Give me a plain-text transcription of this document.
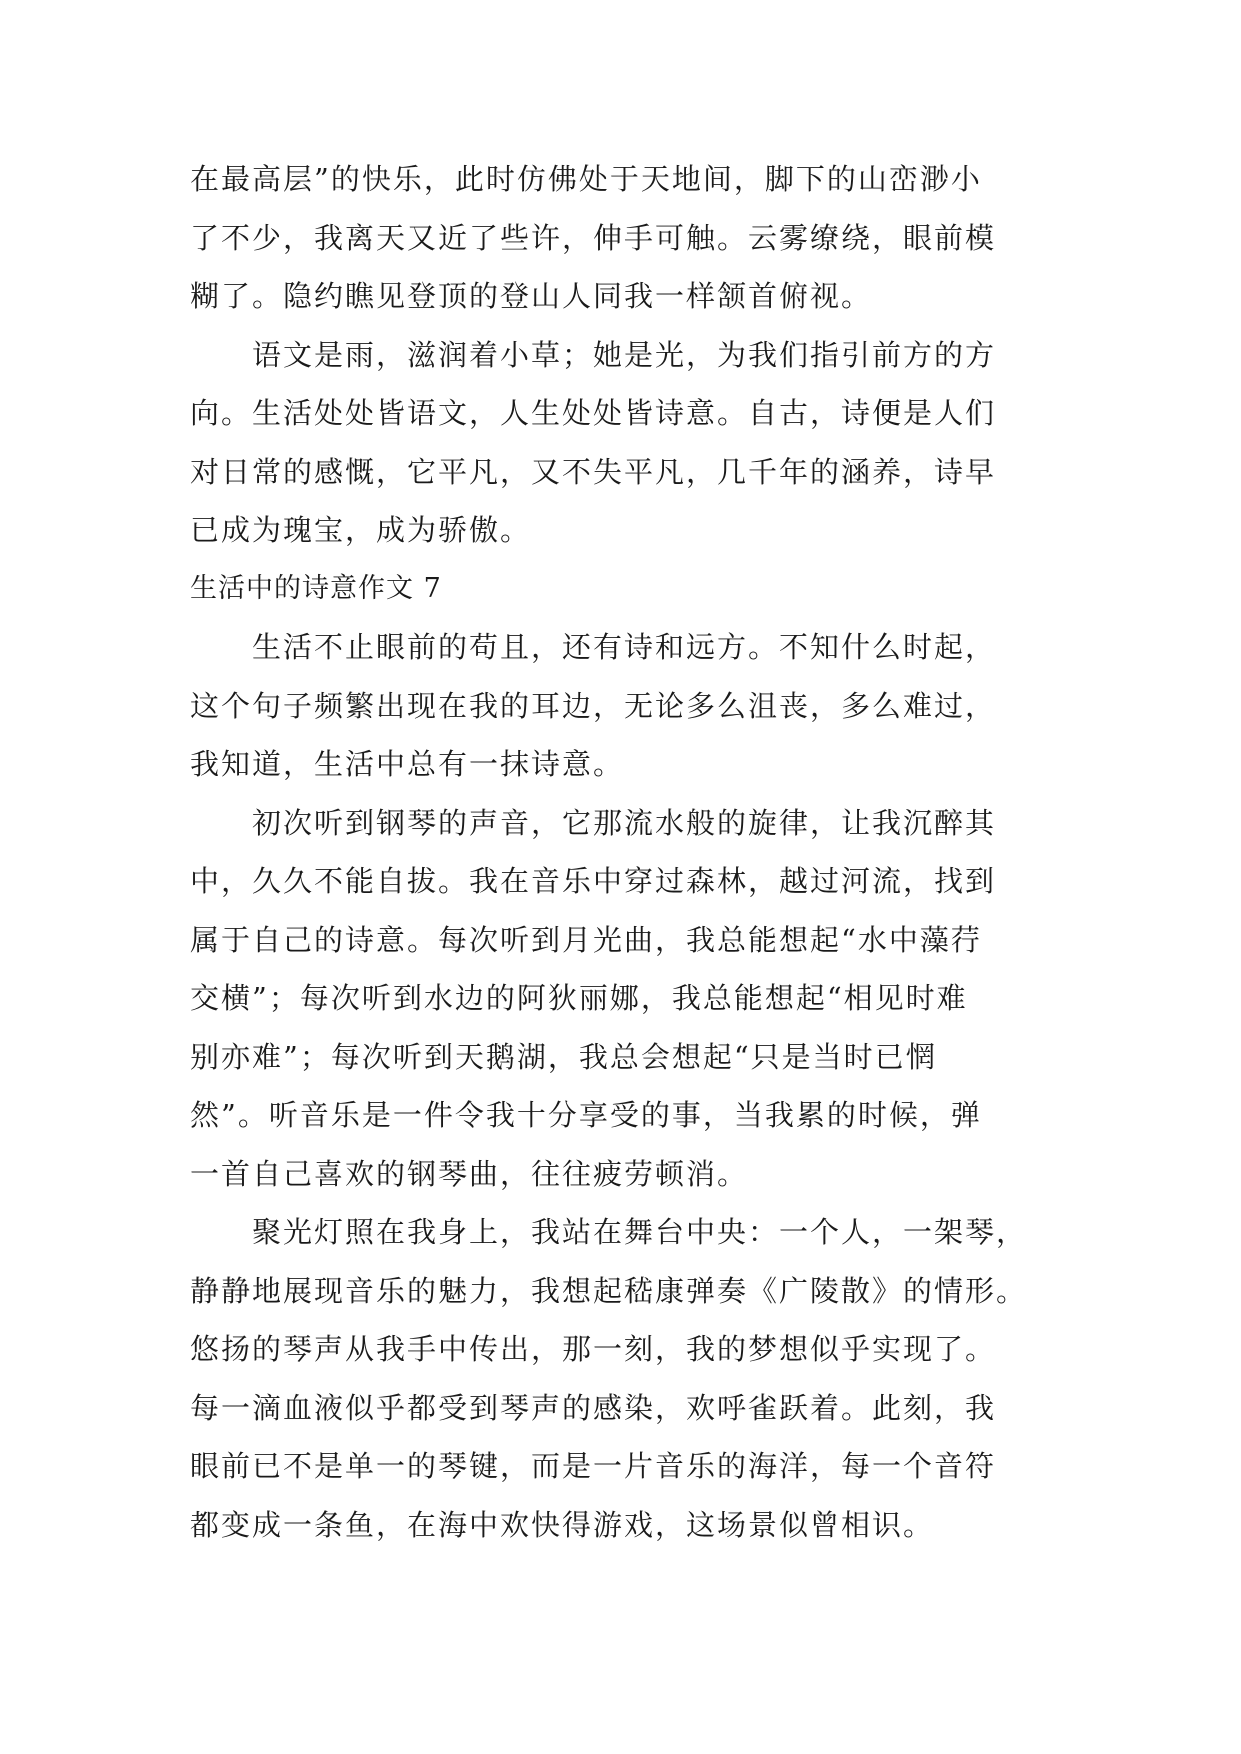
在最高层”的快乐，此时仿佛处于天地间，脚下的山峦渺小
了不少，我离天又近了些许，伸手可触。云雾缭绕，眼前模
糊了。隐约瞧见登顶的登山人同我一样颔首俯视。
语文是雨，滋润着小草；她是光，为我们指引前方的方
向。生活处处皆语文，人生处处皆诗意。自古，诗便是人们
对日常的感慨，它平凡，又不失平凡，几千年的涵养，诗早
已成为瑰宝，成为骄傲。
生活中的诗意作文 7
生活不止眼前的苟且，还有诗和远方。不知什么时起，
这个句子频繁出现在我的耳边，无论多么沮丧，多么难过，
我知道，生活中总有一抹诗意。
初次听到钢琴的声音，它那流水般的旋律，让我沉醉其
中，久久不能自拔。我在音乐中穿过森林，越过河流，找到
属于自己的诗意。每次听到月光曲，我总能想起“水中藻荇
交横”；每次听到水边的阿狄丽娜，我总能想起“相见时难
别亦难”；每次听到天鹅湖，我总会想起“只是当时已惘
然”。听音乐是一件令我十分享受的事，当我累的时候，弹
一首自己喜欢的钢琴曲，往往疲劳顿消。
聚光灯照在我身上，我站在舞台中央：一个人，一架琴，
静静地展现音乐的魅力，我想起嵇康弹奏《广陵散》的情形。
悠扬的琴声从我手中传出，那一刻，我的梦想似乎实现了。
每一滴血液似乎都受到琴声的感染，欢呼雀跃着。此刻，我
眼前已不是单一的琴键，而是一片音乐的海洋，每一个音符
都变成一条鱼，在海中欢快得游戏，这场景似曾相识。
